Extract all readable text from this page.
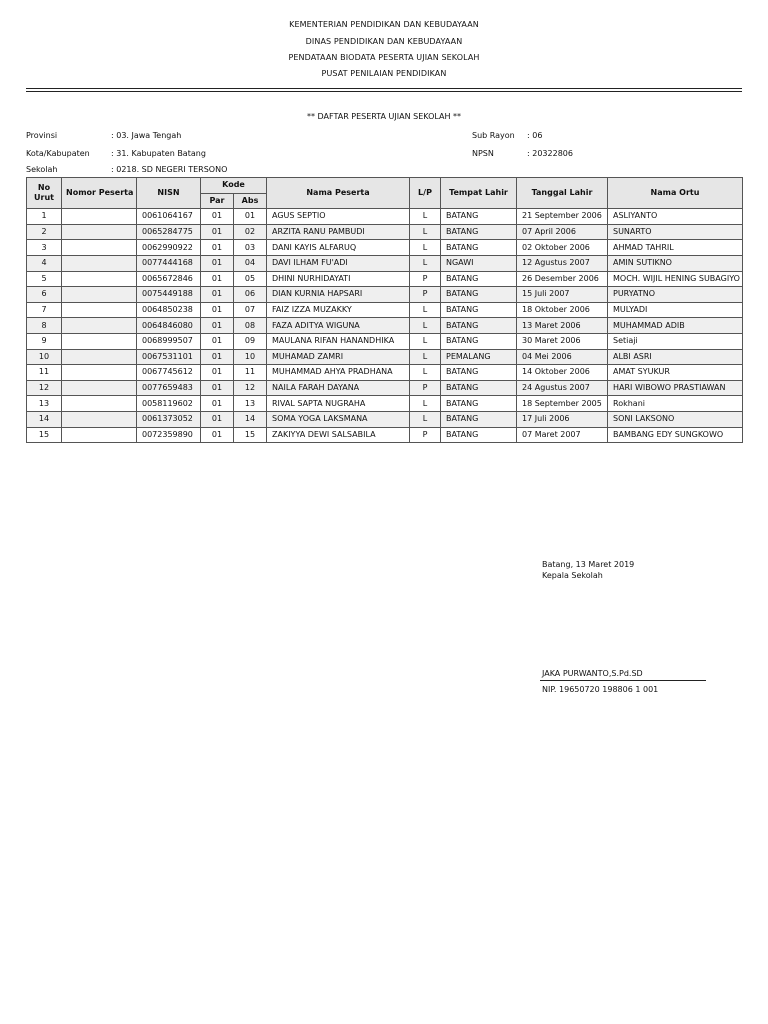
KEMENTERIAN PENDIDIKAN DAN KEBUDAYAAN
DINAS PENDIDIKAN DAN KEBUDAYAAN
PENDATAAN BIODATA PESERTA UJIAN SEKOLAH
PUSAT PENILAIAN PENDIDIKAN
** DAFTAR PESERTA UJIAN SEKOLAH **
Provinsi	: 03. Jawa Tengah
Kota/Kabupaten	: 31. Kabupaten Batang
Sekolah	: 0218. SD NEGERI TERSONO
Sub Rayon : 06
NPSN	: 20322806
No Urut	Nomor Peserta	NISN	Kode		Nama Peserta	L/P	Tempat Lahir	Tanggal Lahir	Nama Ortu
			Par	Abs					
1		0061064167	01	01	AGUS SEPTIO	L	BATANG	21 September 2006	ASLIYANTO
2		0065284775	01	02	ARZITA RANU PAMBUDI	L	BATANG	07 April 2006	SUNARTO
3		0062990922	01	03	DANI KAYIS ALFARUQ	L	BATANG	02 Oktober 2006	AHMAD TAHRIL
4		0077444168	01	04	DAVI ILHAM FU'ADI	L	NGAWI	12 Agustus 2007	AMIN SUTIKNO
5		0065672846	01	05	DHINI NURHIDAYATI	P	BATANG	26 Desember 2006	MOCH. WIJIL HENING SUBAGIYO
6		0075449188	01	06	DIAN KURNIA HAPSARI	P	BATANG	15 Juli 2007	PURYATNO
7		0064850238	01	07	FAIZ IZZA MUZAKKY	L	BATANG	18 Oktober 2006	MULYADI
8		0064846080	01	08	FAZA ADITYA WIGUNA	L	BATANG	13 Maret 2006	MUHAMMAD ADIB
9		0068999507	01	09	MAULANA RIFAN HANANDHIKA	L	BATANG	30 Maret 2006	Setiaji
10		0067531101	01	10	MUHAMAD ZAMRI	L	PEMALANG	04 Mei 2006	ALBI ASRI
11		0067745612	01	11	MUHAMMAD AHYA PRADHANA	L	BATANG	14 Oktober 2006	AMAT SYUKUR
12		0077659483	01	12	NAILA FARAH DAYANA	P	BATANG	24 Agustus 2007	HARI WIBOWO PRASTIAWAN
13		0058119602	01	13	RIVAL SAPTA NUGRAHA	L	BATANG	18 September 2005	Rokhani
14		0061373052	01	14	SOMA YOGA LAKSMANA	L	BATANG	17 Juli 2006	SONI LAKSONO
15		0072359890	01	15	ZAKIYYA DEWI SALSABILA	P	BATANG	07 Maret 2007	BAMBANG EDY SUNGKOWO
Batang, 13 Maret 2019
Kepala Sekolah
JAKA PURWANTO,S.Pd.SD
NIP. 19650720 198806 1 001
